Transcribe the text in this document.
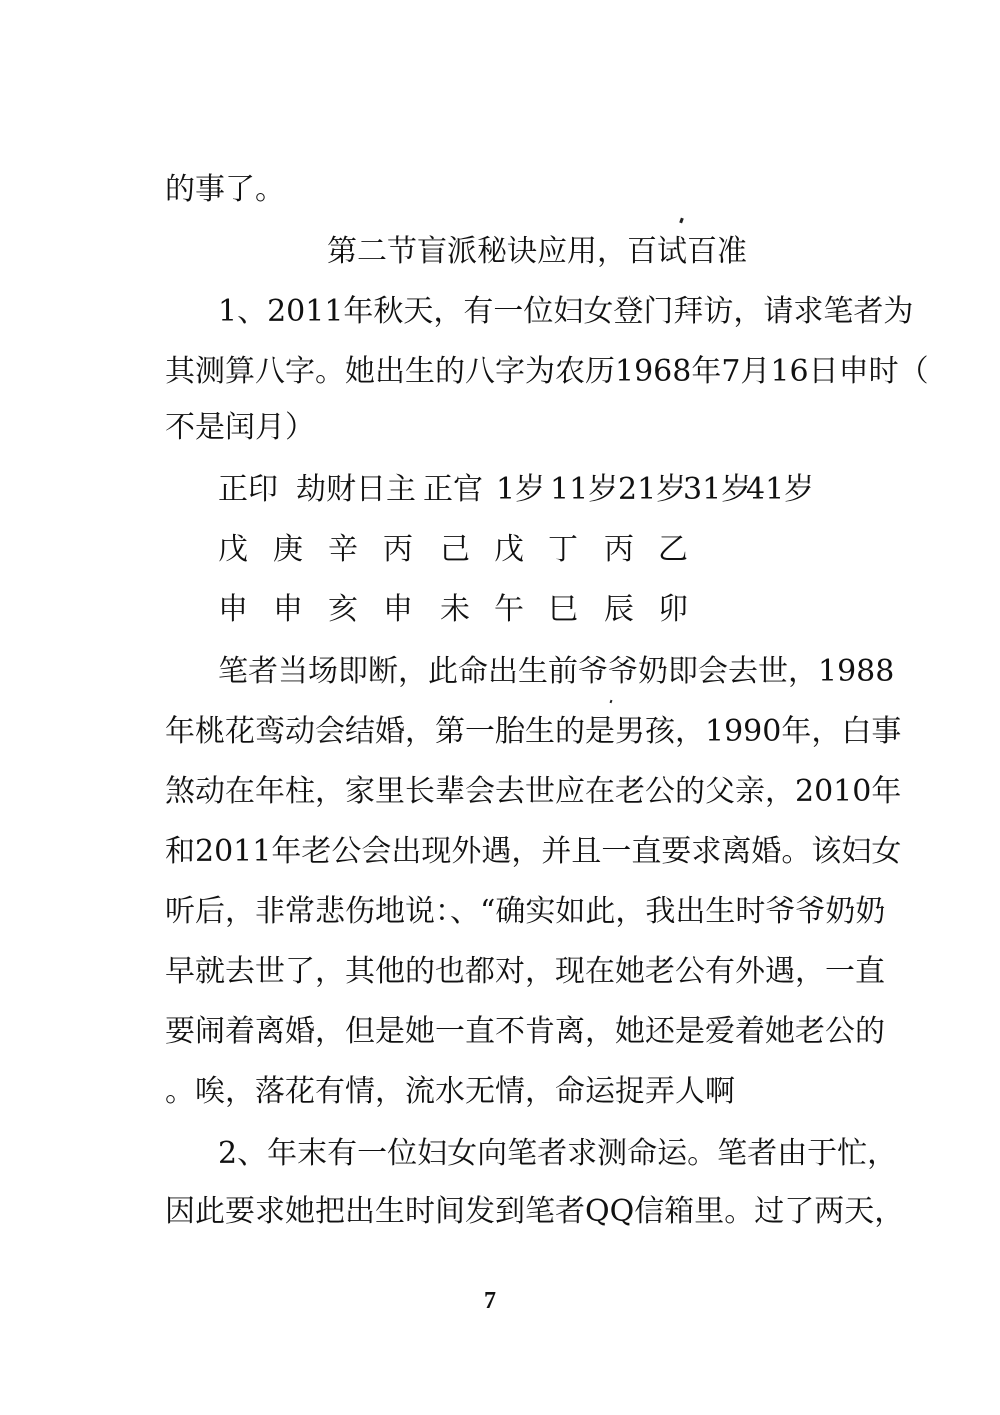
的事了。
第二节盲派秘诀应用，百试百准
1、2011年秋天，有一位妇女登门拜访，请求笔者为
其测算八字。她出生的八字为农历1968年7月16日申时（
不是闰月）
正印 劫财 日主 正官 1岁 11岁 21岁
31岁
41岁
戊 庚 辛 丙 己 戊 丁 丙 乙
申 申 亥 申 未 午 巳 辰 卯
笔者当场即断，此命出生前爷爷奶即会去世，1988
年桃花鸾动会结婚，第一胎生的是男孩，1990年，白事
煞动在年柱，家里长辈会去世应在老公的父亲，2010年
和2011年老公会出现外遇，并且一直要求离婚。该妇女
听后，非常悲伤地说：、“确实如此，我出生时爷爷奶奶
早就去世了，其他的也都对，现在她老公有外遇，一直
要闹着离婚，但是她一直不肯离，她还是爱着她老公的
。唉，落花有情，流水无情，命运捉弄人啊
2、年末有一位妇女向笔者求测命运。笔者由于忙，
因此要求她把出生时间发到笔者QQ信箱里。过了两天，
7
